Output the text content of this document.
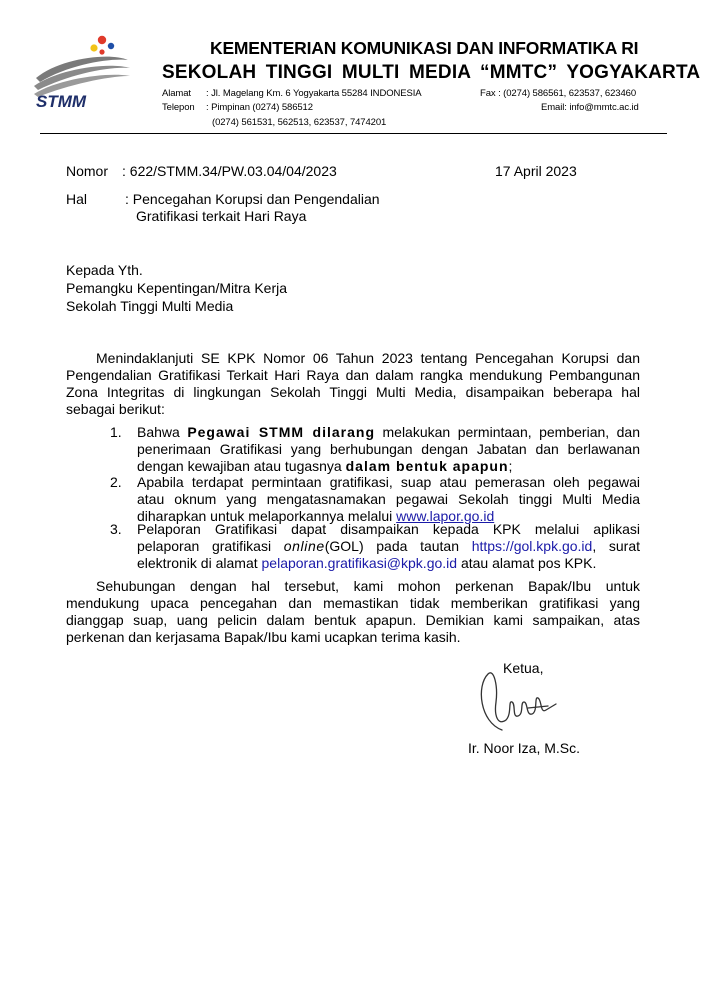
STMM
KEMENTERIAN KOMUNIKASI DAN INFORMATIKA RI
SEKOLAH TINGGI MULTI MEDIA “MMTC” YOGYAKARTA
Alamat : Jl. Magelang Km. 6 Yogyakarta 55284 INDONESIA	Fax : (0274) 586561, 623537, 623460
Telepon : Pimpinan (0274) 586512	Email: info@mmtc.ac.id
(0274) 561531, 562513, 623537, 7474201
Nomor : 622/STMM.34/PW.03.04/04/2023	17 April 2023
Hal	: Pencegahan Korupsi dan Pengendalian
Gratifikasi terkait Hari Raya
Kepada Yth.
Pemangku Kepentingan/Mitra Kerja
Sekolah Tinggi Multi Media
Menindaklanjuti SE KPK Nomor 06 Tahun 2023 tentang Pencegahan Korupsi dan
Pengendalian Gratifikasi Terkait Hari Raya dan dalam rangka mendukung Pembangunan
Zona Integritas di lingkungan Sekolah Tinggi Multi Media, disampaikan beberapa hal
sebagai berikut:
1. Bahwa Pegawai STMM dilarang melakukan permintaan, pemberian, dan
penerimaan Gratifikasi yang berhubungan dengan Jabatan dan berlawanan
dengan kewajiban atau tugasnya dalam bentuk apapun;
2. Apabila terdapat permintaan gratifikasi, suap atau pemerasan oleh pegawai
atau oknum yang mengatasnamakan pegawai Sekolah tinggi Multi Media
diharapkan untuk melaporkannya melalui www.lapor.go.id
3. Pelaporan Gratifikasi dapat disampaikan kepada KPK melalui aplikasi
pelaporan gratifikasi online(GOL) pada tautan https://gol.kpk.go.id, surat
elektronik di alamat pelaporan.gratifikasi@kpk.go.id atau alamat pos KPK.
Sehubungan dengan hal tersebut, kami mohon perkenan Bapak/Ibu untuk
mendukung upaca pencegahan dan memastikan tidak memberikan gratifikasi yang
dianggap suap, uang pelicin dalam bentuk apapun. Demikian kami sampaikan, atas
perkenan dan kerjasama Bapak/Ibu kami ucapkan terima kasih.
Ketua,
Ir. Noor Iza, M.Sc.
